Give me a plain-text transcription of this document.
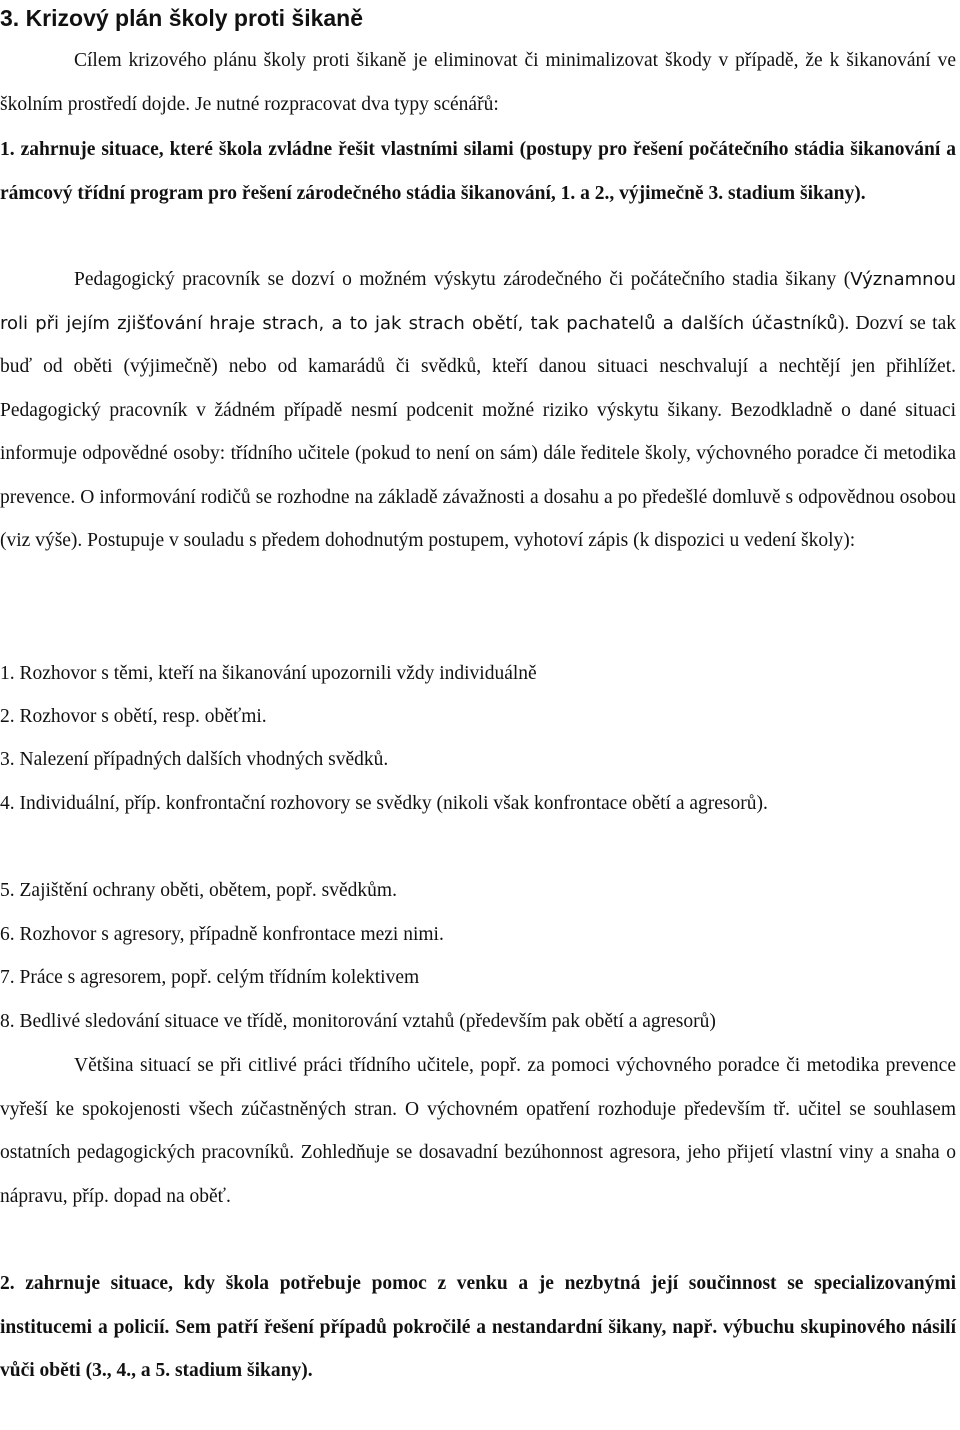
3. Krizový plán školy proti šikaně

Cílem krizového plánu školy proti šikaně je eliminovat či minimalizovat škody v případě, že k šikanování ve školním prostředí dojde. Je nutné rozpracovat dva typy scénářů:

1. zahrnuje situace, které škola zvládne řešit vlastními silami (postupy pro řešení počátečního stádia šikanování a rámcový třídní program pro řešení zárodečného stádia šikanování, 1. a 2., výjimečně 3. stadium šikany).

Pedagogický pracovník se dozví o možném výskytu zárodečného či počátečního stadia šikany (Významnou roli při jejím zjišťování hraje strach, a to jak strach obětí, tak pachatelů a dalších účastníků). Dozví se tak buď od oběti (výjimečně) nebo od kamarádů či svědků, kteří danou situaci neschvalují a nechtějí jen přihlížet. Pedagogický pracovník v žádném případě nesmí podcenit možné riziko výskytu šikany. Bezodkladně o dané situaci informuje odpovědné osoby: třídního učitele (pokud to není on sám) dále ředitele školy, výchovného poradce či metodika prevence. O informování rodičů se rozhodne na základě závažnosti a dosahu a po předešlé domluvě s odpovědnou osobou (viz výše). Postupuje v souladu s předem dohodnutým postupem, vyhotoví zápis (k dispozici u vedení školy):

1. Rozhovor s těmi, kteří na šikanování upozornili vždy individuálně

2. Rozhovor s obětí, resp. oběťmi.

3. Nalezení případných dalších vhodných svědků.

4. Individuální, příp. konfrontační rozhovory se svědky (nikoli však konfrontace obětí a agresorů).

5. Zajištění ochrany oběti, obětem, popř. svědkům.

6. Rozhovor s agresory, případně konfrontace mezi nimi.

7. Práce s agresorem, popř. celým třídním kolektivem

8. Bedlivé sledování situace ve třídě, monitorování vztahů (především pak obětí a agresorů)

Většina situací se při citlivé práci třídního učitele, popř. za pomoci výchovného poradce či metodika prevence vyřeší ke spokojenosti všech zúčastněných stran. O výchovném opatření rozhoduje především tř. učitel se souhlasem ostatních pedagogických pracovníků. Zohledňuje se dosavadní bezúhonnost agresora, jeho přijetí vlastní viny a snaha o nápravu, příp. dopad na oběť.

2. zahrnuje situace, kdy škola potřebuje pomoc z venku a je nezbytná její součinnost se specializovanými institucemi a policií. Sem patří řešení případů pokročilé a nestandardní šikany, např. výbuchu skupinového násilí vůči oběti (3., 4., a 5. stadium šikany).
